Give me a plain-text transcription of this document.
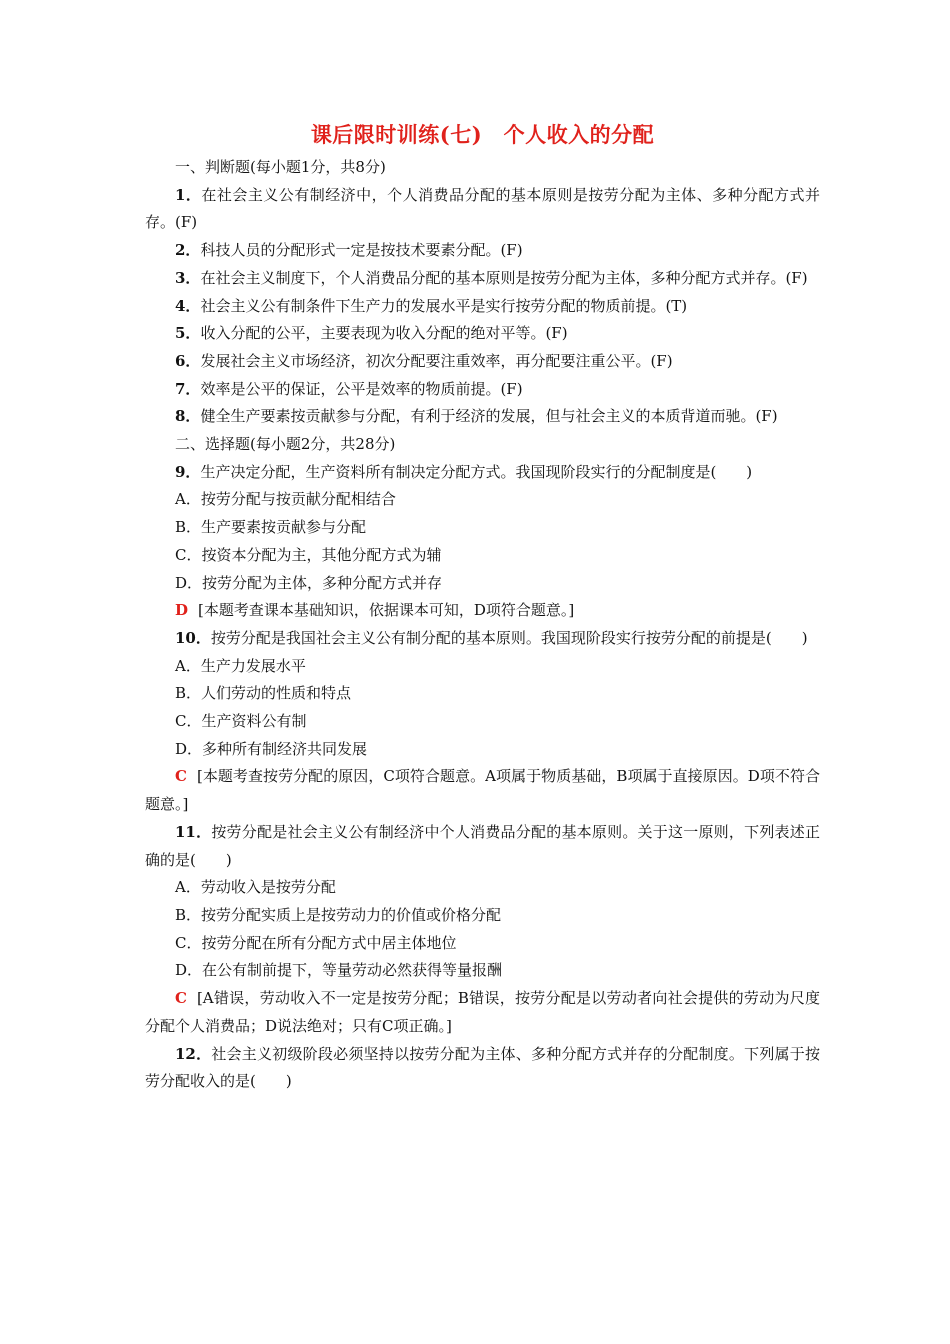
课后限时训练(七)　个人收入的分配

一、判断题(每小题1分，共8分)

1．在社会主义公有制经济中，个人消费品分配的基本原则是按劳分配为主体、多种分配方式并存。(F)

2．科技人员的分配形式一定是按技术要素分配。(F)

3．在社会主义制度下，个人消费品分配的基本原则是按劳分配为主体，多种分配方式并存。(F)

4．社会主义公有制条件下生产力的发展水平是实行按劳分配的物质前提。(T)

5．收入分配的公平，主要表现为收入分配的绝对平等。(F)

6．发展社会主义市场经济，初次分配要注重效率，再分配要注重公平。(F)

7．效率是公平的保证，公平是效率的物质前提。(F)

8．健全生产要素按贡献参与分配，有利于经济的发展，但与社会主义的本质背道而驰。(F)

二、选择题(每小题2分，共28分)

9．生产决定分配，生产资料所有制决定分配方式。我国现阶段实行的分配制度是(　　)

A．按劳分配与按贡献分配相结合

B．生产要素按贡献参与分配

C．按资本分配为主，其他分配方式为辅

D．按劳分配为主体，多种分配方式并存

D [本题考查课本基础知识，依据课本可知，D项符合题意。]

10．按劳分配是我国社会主义公有制分配的基本原则。我国现阶段实行按劳分配的前提是(　　)

A．生产力发展水平

B．人们劳动的性质和特点

C．生产资料公有制

D．多种所有制经济共同发展

C [本题考查按劳分配的原因，C项符合题意。A项属于物质基础，B项属于直接原因。D项不符合题意。]

11．按劳分配是社会主义公有制经济中个人消费品分配的基本原则。关于这一原则，下列表述正确的是(　　)

A．劳动收入是按劳分配

B．按劳分配实质上是按劳动力的价值或价格分配

C．按劳分配在所有分配方式中居主体地位

D．在公有制前提下，等量劳动必然获得等量报酬

C [A错误，劳动收入不一定是按劳分配；B错误，按劳分配是以劳动者向社会提供的劳动为尺度分配个人消费品；D说法绝对；只有C项正确。]

12．社会主义初级阶段必须坚持以按劳分配为主体、多种分配方式并存的分配制度。下列属于按劳分配收入的是(　　)
